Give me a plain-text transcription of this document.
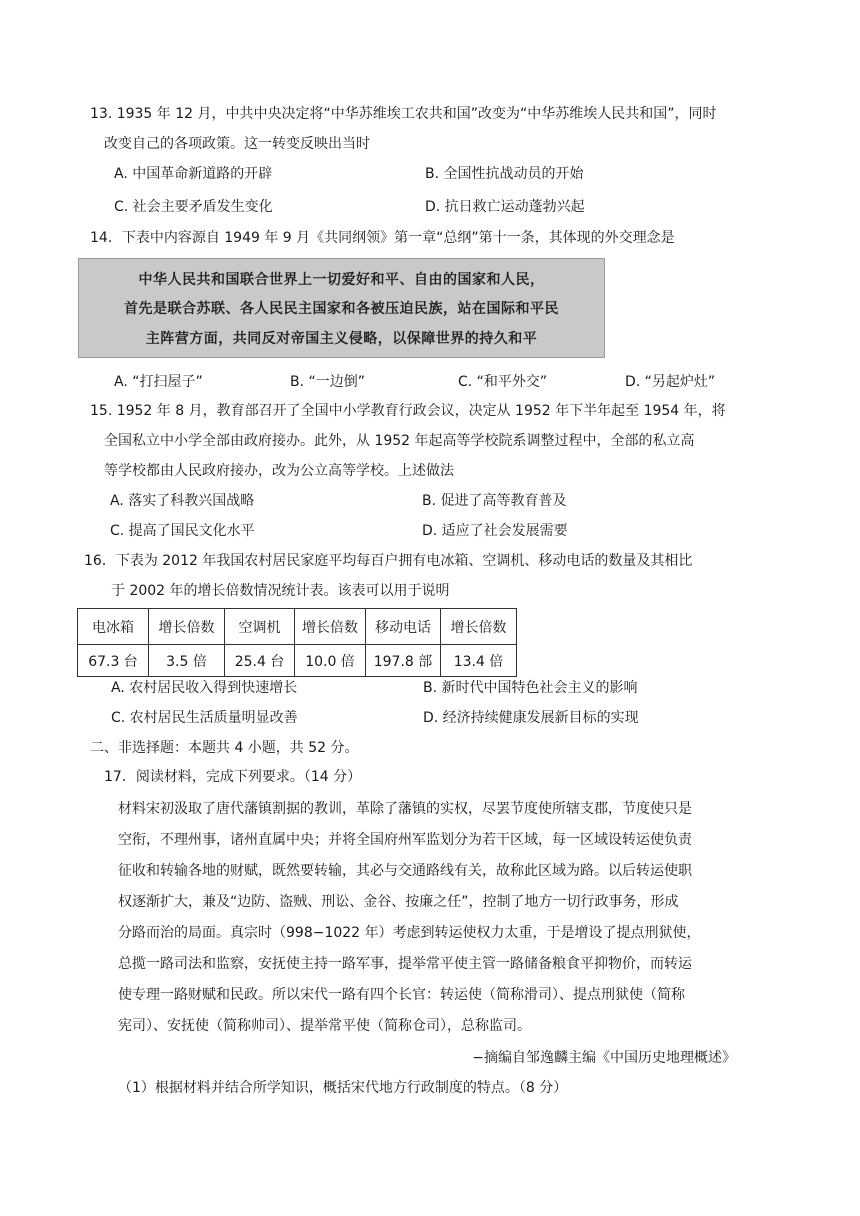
13. 1935 年 12 月，中共中央决定将“中华苏维埃工农共和国”改变为“中华苏维埃人民共和国”，同时
改变自己的各项政策。这一转变反映出当时
A. 中国革命新道路的开辟	B. 全国性抗战动员的开始
C. 社会主要矛盾发生变化	D. 抗日救亡运动蓬勃兴起
14．下表中内容源自 1949 年 9 月《共同纲领》第一章“总纲”第十一条，其体现的外交理念是
中华人民共和国联合世界上一切爱好和平、自由的国家和人民，
首先是联合苏联、各人民民主国家和各被压迫民族，站在国际和平民
主阵营方面，共同反对帝国主义侵略，以保障世界的持久和平
A. “打扫屋子”	B. “一边倒”	C. “和平外交”	D. “另起炉灶”
15. 1952 年 8 月，教育部召开了全国中小学教育行政会议，决定从 1952 年下半年起至 1954 年，将
全国私立中小学全部由政府接办。此外，从 1952 年起高等学校院系调整过程中，全部的私立高
等学校都由人民政府接办，改为公立高等学校。上述做法
A. 落实了科教兴国战略	B. 促进了高等教育普及
C. 提高了国民文化水平	D. 适应了社会发展需要
16．下表为 2012 年我国农村居民家庭平均每百户拥有电冰箱、空调机、移动电话的数量及其相比
于 2002 年的增长倍数情况统计表。该表可以用于说明
电冰箱	增长倍数	空调机	增长倍数	移动电话	增长倍数
67.3 台	3.5 倍	25.4 台	10.0 倍	197.8 部	13.4 倍
A. 农村居民收入得到快速增长	B. 新时代中国特色社会主义的影响
C. 农村居民生活质量明显改善	D. 经济持续健康发展新目标的实现
二、非选择题：本题共 4 小题，共 52 分。
17．阅读材料，完成下列要求。（14 分）
材料宋初汲取了唐代藩镇割据的教训，革除了藩镇的实权，尽罢节度使所辖支郡，节度使只是
空衔，不理州事，诸州直属中央；并将全国府州军监划分为若干区域，每一区域设转运使负责
征收和转输各地的财赋，既然要转输，其必与交通路线有关，故称此区域为路。以后转运使职
权逐渐扩大，兼及“边防、盗贼、刑讼、金谷、按廉之任”，控制了地方一切行政事务，形成
分路而治的局面。真宗时（998−1022 年）考虑到转运使权力太重，于是增设了提点刑狱使，
总揽一路司法和监察，安抚使主持一路军事，提举常平使主管一路储备粮食平抑物价，而转运
使专理一路财赋和民政。所以宋代一路有四个长官：转运使（简称滑司）、提点刑狱使（简称
宪司）、安抚使（简称帅司）、提举常平使（简称仓司），总称监司。
−摘编自邹逸麟主编《中国历史地理概述》
（1）根据材料并结合所学知识，概括宋代地方行政制度的特点。（8 分）
